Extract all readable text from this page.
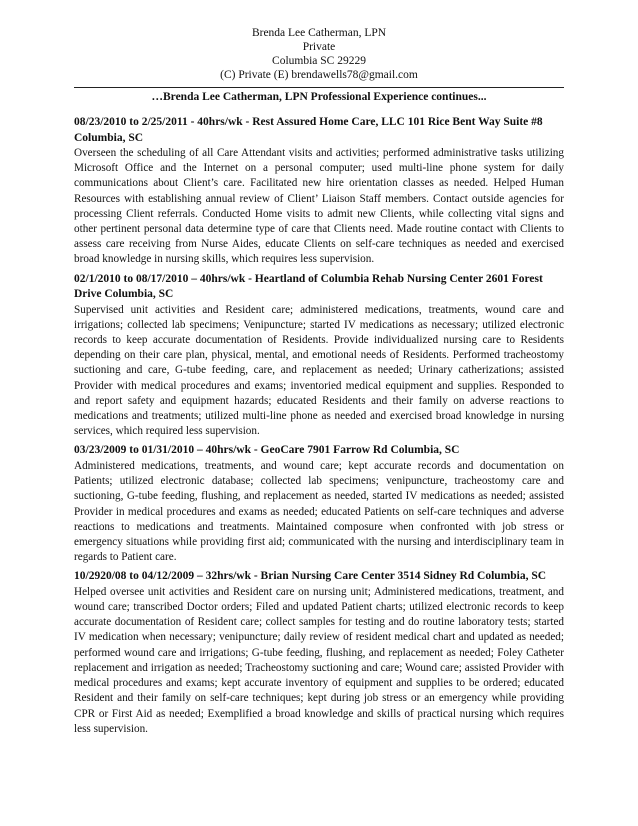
Brenda Lee Catherman, LPN
Private
Columbia SC 29229
(C) Private (E) brendawells78@gmail.com
…Brenda Lee Catherman, LPN Professional Experience continues...
08/23/2010 to 2/25/2011 - 40hrs/wk - Rest Assured Home Care, LLC 101 Rice Bent Way Suite #8 Columbia, SC
Overseen the scheduling of all Care Attendant visits and activities; performed administrative tasks utilizing Microsoft Office and the Internet on a personal computer; used multi-line phone system for daily communications about Client’s care. Facilitated new hire orientation classes as needed. Helped Human Resources with establishing annual review of Client’ Liaison Staff members. Contact outside agencies for processing Client referrals. Conducted Home visits to admit new Clients, while collecting vital signs and other pertinent personal data determine type of care that Clients need. Made routine contact with Clients to assess care receiving from Nurse Aides, educate Clients on self-care techniques as needed and exercised broad knowledge in nursing skills, which requires less supervision.
02/1/2010 to 08/17/2010 – 40hrs/wk - Heartland of Columbia Rehab Nursing Center 2601 Forest Drive Columbia, SC
Supervised unit activities and Resident care; administered medications, treatments, wound care and irrigations; collected lab specimens; Venipuncture; started IV medications as necessary; utilized electronic records to keep accurate documentation of Residents. Provide individualized nursing care to Residents depending on their care plan, physical, mental, and emotional needs of Residents. Performed tracheostomy suctioning and care, G-tube feeding, care, and replacement as needed; Urinary catherizations; assisted Provider with medical procedures and exams; inventoried medical equipment and supplies. Responded to and report safety and equipment hazards; educated Residents and their family on adverse reactions to medications and treatments; utilized multi-line phone as needed and exercised broad knowledge in nursing services, which required less supervision.
03/23/2009 to 01/31/2010 – 40hrs/wk - GeoCare 7901 Farrow Rd Columbia, SC
Administered medications, treatments, and wound care; kept accurate records and documentation on Patients; utilized electronic database; collected lab specimens; venipuncture, tracheostomy care and suctioning, G-tube feeding, flushing, and replacement as needed, started IV medications as needed; assisted Provider in medical procedures and exams as needed; educated Patients on self-care techniques and adverse reactions to medications and treatments. Maintained composure when confronted with job stress or emergency situations while providing first aid; communicated with the nursing and interdisciplinary team in regards to Patient care.
10/2920/08 to 04/12/2009 – 32hrs/wk - Brian Nursing Care Center 3514 Sidney Rd Columbia, SC
Helped oversee unit activities and Resident care on nursing unit; Administered medications, treatment, and wound care; transcribed Doctor orders; Filed and updated Patient charts; utilized electronic records to keep accurate documentation of Resident care; collect samples for testing and do routine laboratory tests; started IV medication when necessary; venipuncture; daily review of resident medical chart and updated as needed; performed wound care and irrigations; G-tube feeding, flushing, and replacement as needed; Foley Catheter replacement and irrigation as needed; Tracheostomy suctioning and care; Wound care; assisted Provider with medical procedures and exams; kept accurate inventory of equipment and supplies to be ordered; educated Resident and their family on self-care techniques; kept during job stress or an emergency while providing CPR or First Aid as needed; Exemplified a broad knowledge and skills of practical nursing which requires less supervision.
